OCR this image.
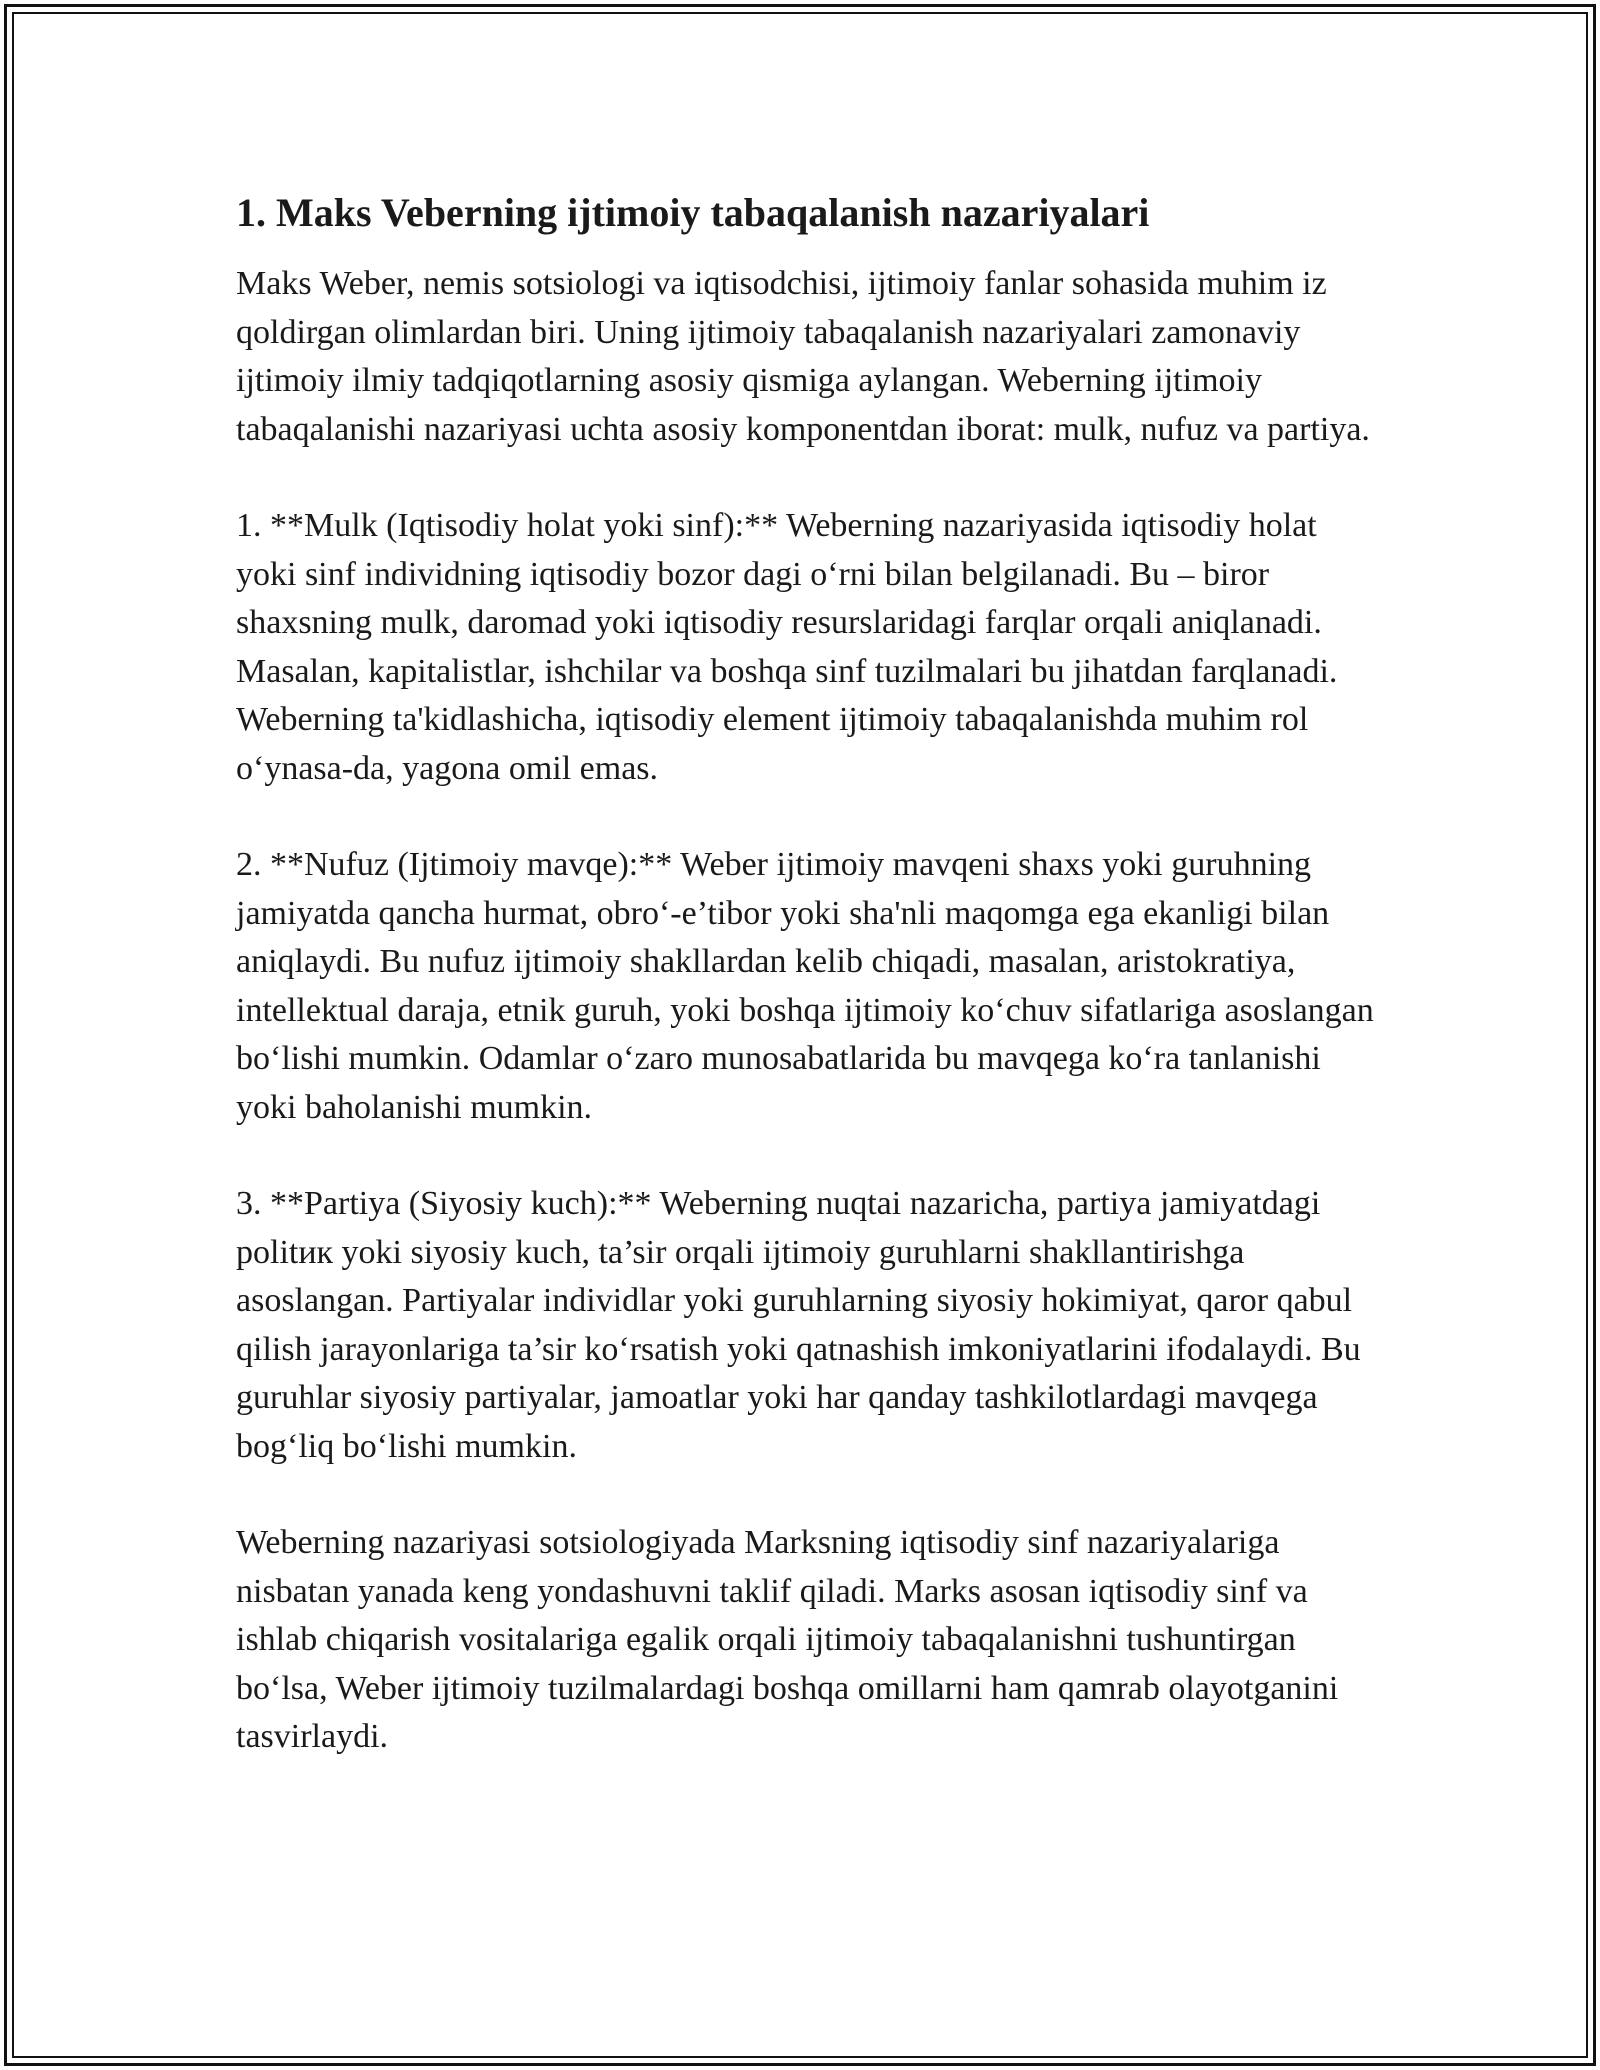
1. Maks Veberning ijtimoiy tabaqalanish nazariyalari

Maks Weber, nemis sotsiologi va iqtisodchisi, ijtimoiy fanlar sohasida muhim iz qoldirgan olimlardan biri. Uning ijtimoiy tabaqalanish nazariyalari zamonaviy ijtimoiy ilmiy tadqiqotlarning asosiy qismiga aylangan. Weberning ijtimoiy tabaqalanishi nazariyasi uchta asosiy komponentdan iborat: mulk, nufuz va partiya.

1. **Mulk (Iqtisodiy holat yoki sinf):** Weberning nazariyasida iqtisodiy holat yoki sinf individning iqtisodiy bozor dagi o‘rni bilan belgilanadi. Bu – biror shaxsning mulk, daromad yoki iqtisodiy resurslaridagi farqlar orqali aniqlanadi. Masalan, kapitalistlar, ishchilar va boshqa sinf tuzilmalari bu jihatdan farqlanadi. Weberning ta'kidlashicha, iqtisodiy element ijtimoiy tabaqalanishda muhim rol o‘ynasa-da, yagona omil emas.

2. **Nufuz (Ijtimoiy mavqe):** Weber ijtimoiy mavqeni shaxs yoki guruhning jamiyatda qancha hurmat, obro‘-e’tibor yoki sha'nli maqomga ega ekanligi bilan aniqlaydi. Bu nufuz ijtimoiy shakllardan kelib chiqadi, masalan, aristokratiya, intellektual daraja, etnik guruh, yoki boshqa ijtimoiy ko‘chuv sifatlariga asoslangan bo‘lishi mumkin. Odamlar o‘zaro munosabatlarida bu mavqega ko‘ra tanlanishi yoki baholanishi mumkin.

3. **Partiya (Siyosiy kuch):** Weberning nuqtai nazaricha, partiya jamiyatdagi politик yoki siyosiy kuch, ta’sir orqali ijtimoiy guruhlarni shakllantirishga asoslangan. Partiyalar individlar yoki guruhlarning siyosiy hokimiyat, qaror qabul qilish jarayonlariga ta’sir ko‘rsatish yoki qatnashish imkoniyatlarini ifodalaydi. Bu guruhlar siyosiy partiyalar, jamoatlar yoki har qanday tashkilotlardagi mavqega bog‘liq bo‘lishi mumkin.

Weberning nazariyasi sotsiologiyada Marksning iqtisodiy sinf nazariyalariga nisbatan yanada keng yondashuvni taklif qiladi. Marks asosan iqtisodiy sinf va ishlab chiqarish vositalariga egalik orqali ijtimoiy tabaqalanishni tushuntirgan bo‘lsa, Weber ijtimoiy tuzilmalardagi boshqa omillarni ham qamrab olayotganini tasvirlaydi.
